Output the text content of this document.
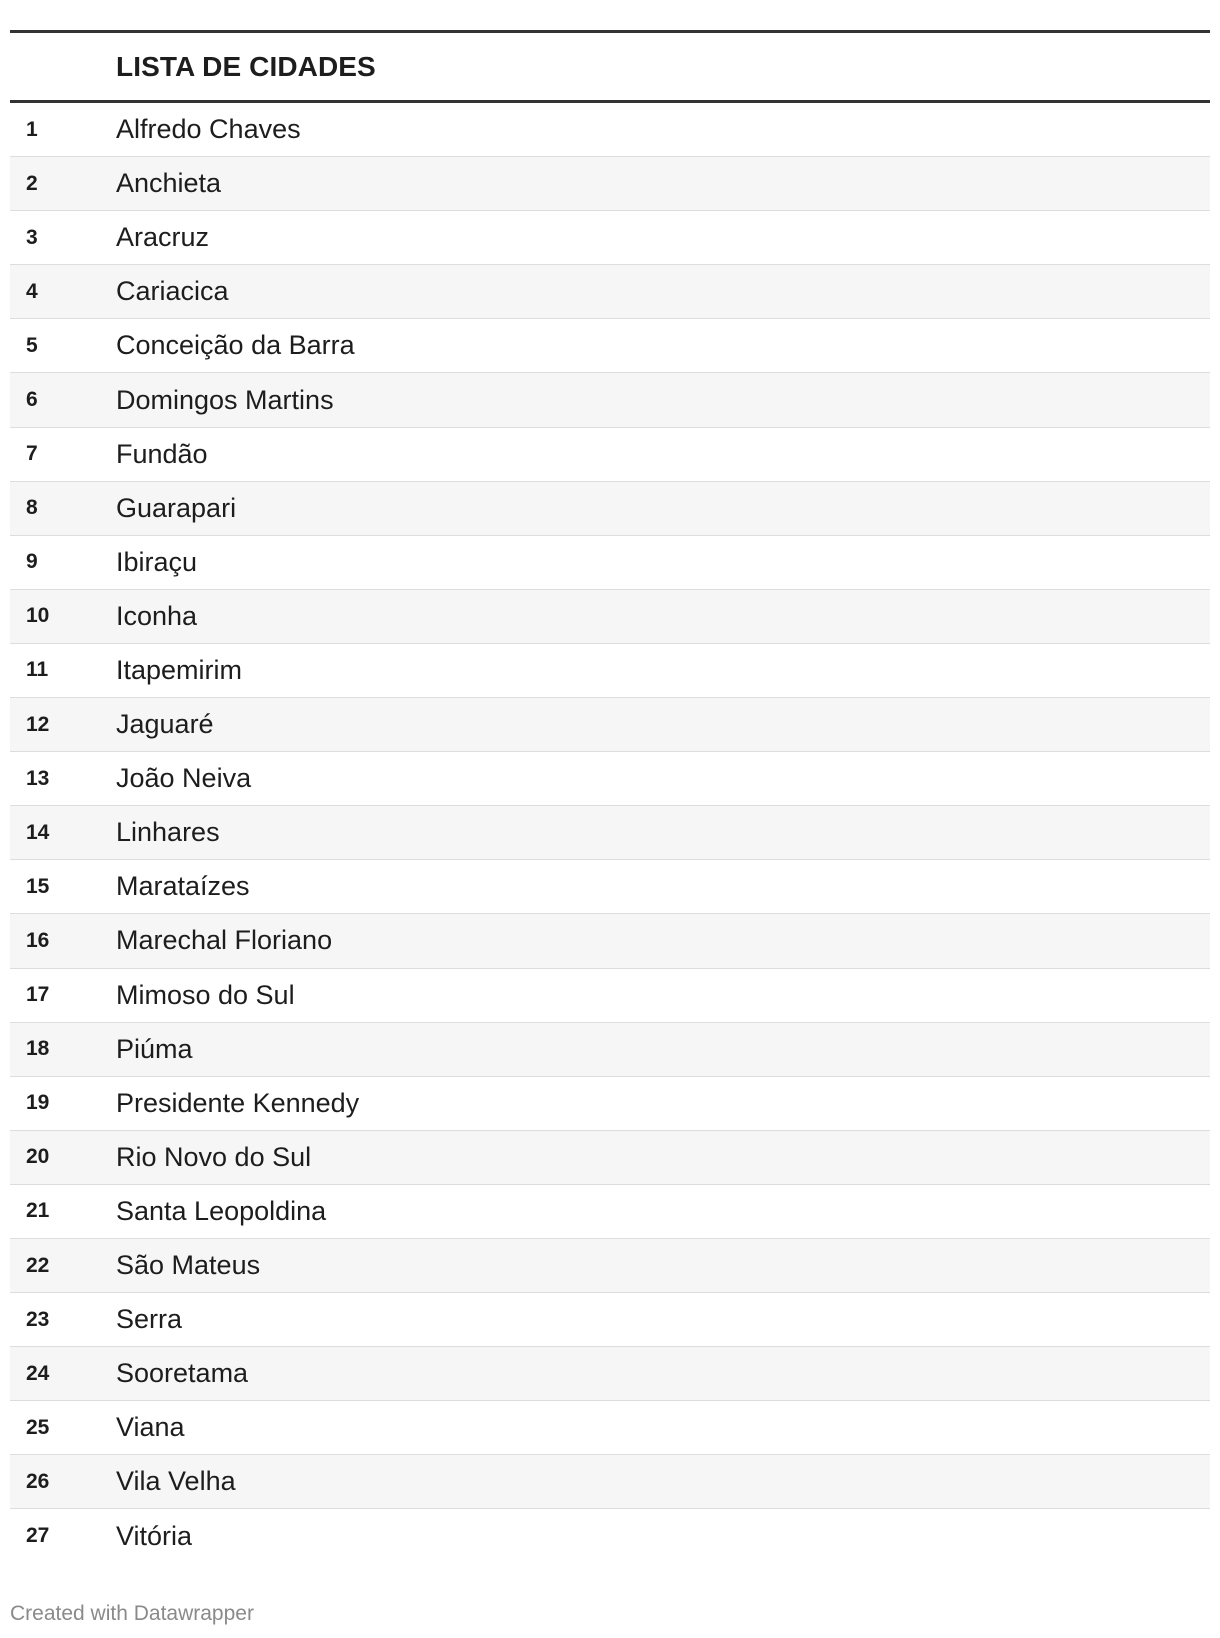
LISTA DE CIDADES
1	Alfredo Chaves
2	Anchieta
3	Aracruz
4	Cariacica
5	Conceição da Barra
6	Domingos Martins
7	Fundão
8	Guarapari
9	Ibiraçu
10	Iconha
11	Itapemirim
12	Jaguaré
13	João Neiva
14	Linhares
15	Marataízes
16	Marechal Floriano
17	Mimoso do Sul
18	Piúma
19	Presidente Kennedy
20	Rio Novo do Sul
21	Santa Leopoldina
22	São Mateus
23	Serra
24	Sooretama
25	Viana
26	Vila Velha
27	Vitória
Created with Datawrapper
